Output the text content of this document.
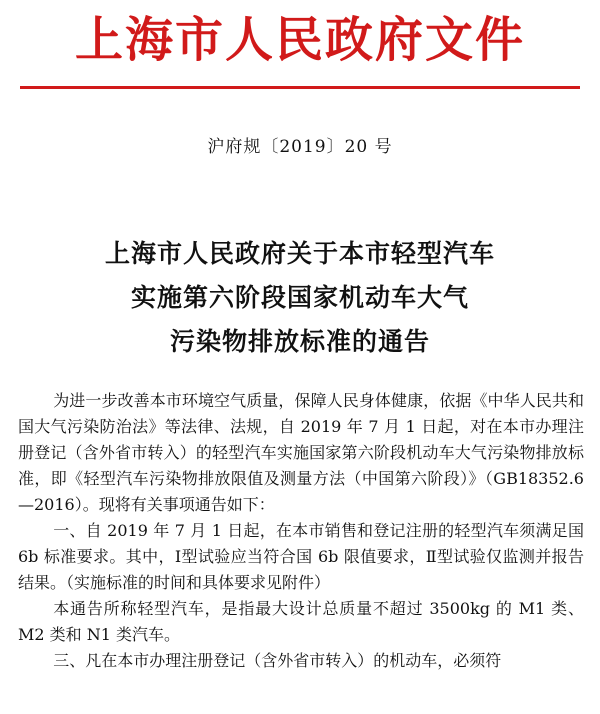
上海市人民政府文件
沪府规〔2019〕20 号
上海市人民政府关于本市轻型汽车
实施第六阶段国家机动车大气
污染物排放标准的通告

为进一步改善本市环境空气质量，保障人民身体健康，依据《中华人民共和国大气污染防治法》等法律、法规，自 2019 年 7 月 1 日起，对在本市办理注册登记（含外省市转入）的轻型汽车实施国家第六阶段机动车大气污染物排放标准，即《轻型汽车污染物排放限值及测量方法（中国第六阶段）》（GB18352.6—2016）。现将有关事项通告如下：

一、自 2019 年 7 月 1 日起，在本市销售和登记注册的轻型汽车须满足国 6b 标准要求。其中，Ⅰ型试验应当符合国 6b 限值要求，Ⅱ型试验仅监测并报告结果。（实施标准的时间和具体要求见附件）

本通告所称轻型汽车，是指最大设计总质量不超过 3500kg 的 M1 类、M2 类和 N1 类汽车。

三、凡在本市办理注册登记（含外省市转入）的机动车，必须符
